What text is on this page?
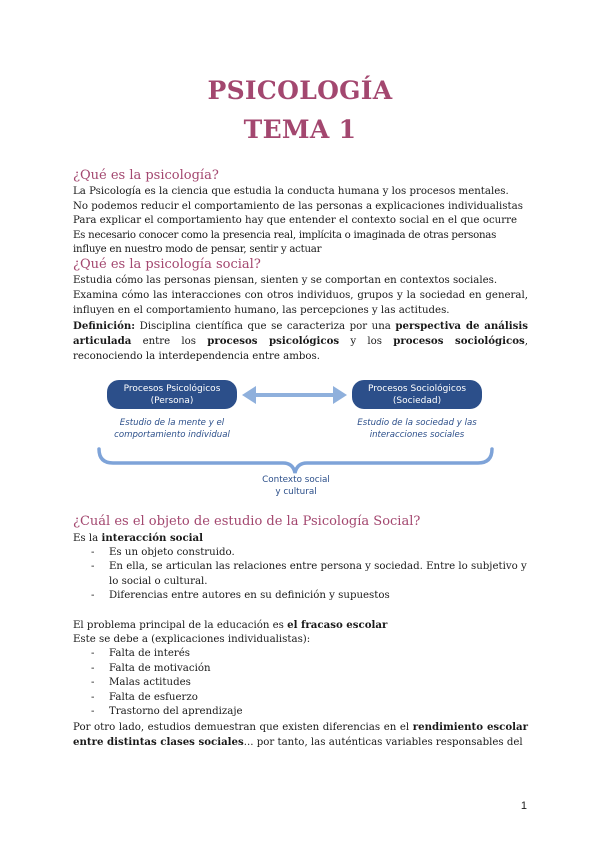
PSICOLOGÍA
TEMA 1
¿Qué es la psicología?
La Psicología es la ciencia que estudia la conducta humana y los procesos mentales.
No podemos reducir el comportamiento de las personas a explicaciones individualistas
Para explicar el comportamiento hay que entender el contexto social en el que ocurre
Es necesario conocer como la presencia real, implícita o imaginada de otras personas influye en nuestro modo de pensar, sentir y actuar
¿Qué es la psicología social?
Estudia cómo las personas piensan, sienten y se comportan en contextos sociales.
Examina cómo las interacciones con otros individuos, grupos y la sociedad en general, influyen en el comportamiento humano, las percepciones y las actitudes.
Definición: Disciplina científica que se caracteriza por una perspectiva de análisis articulada entre los procesos psicológicos y los procesos sociológicos, reconociendo la interdependencia entre ambos.
Procesos Psicológicos
(Persona)
Procesos Sociológicos
(Sociedad)
Estudio de la mente y el
comportamiento individual
Estudio de la sociedad y las
interacciones sociales
Contexto social
y cultural
¿Cuál es el objeto de estudio de la Psicología Social?
Es la interacción social
- Es un objeto construido.
- En ella, se articulan las relaciones entre persona y sociedad. Entre lo subjetivo y lo social o cultural.
- Diferencias entre autores en su definición y supuestos
El problema principal de la educación es el fracaso escolar
Este se debe a (explicaciones individualistas):
- Falta de interés
- Falta de motivación
- Malas actitudes
- Falta de esfuerzo
- Trastorno del aprendizaje
Por otro lado, estudios demuestran que existen diferencias en el rendimiento escolar entre distintas clases sociales... por tanto, las auténticas variables responsables del
1
